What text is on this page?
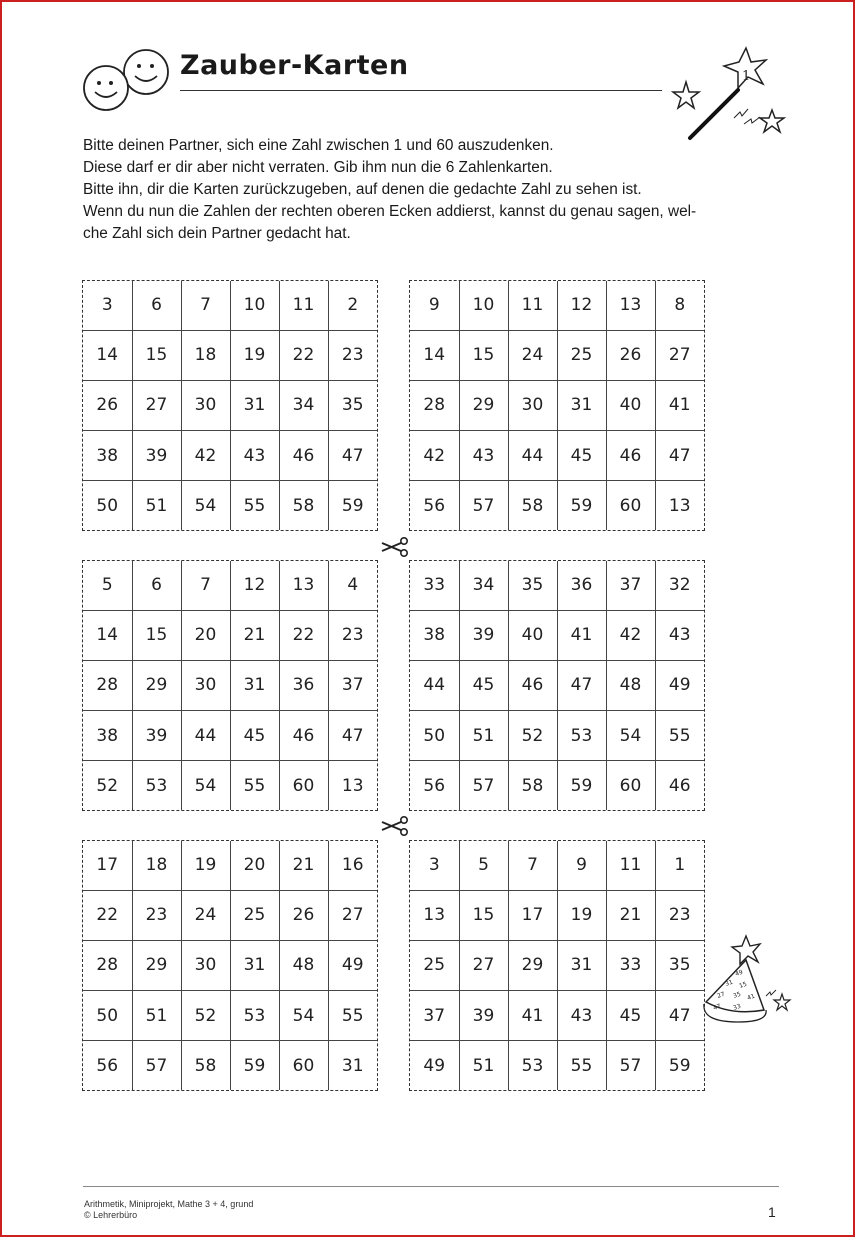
Zauber-Karten	1

Bitte deinen Partner, sich eine Zahl zwischen 1 und 60 auszudenken.

Diese darf er dir aber nicht verraten. Gib ihm nun die 6 Zahlenkarten.

Bitte ihn, dir die Karten zurückzugeben, auf denen die gedachte Zahl zu sehen ist.

Wenn du nun die Zahlen der rechten oberen Ecken addierst, kannst du genau sagen, wel-

che Zahl sich dein Partner gedacht hat.

3	6	7	10	11	2
14	15	18	19	22	23
26	27	30	31	34	35
38	39	42	43	46	47
50	51	54	55	58	59
9	10	11	12	13	8
14	15	24	25	26	27
28	29	30	31	40	41
42	43	44	45	46	47
56	57	58	59	60	13
5	6	7	12	13	4
14	15	20	21	22	23
28	29	30	31	36	37
38	39	44	45	46	47
52	53	54	55	60	13
33	34	35	36	37	32
38	39	40	41	42	43
44	45	46	47	48	49
50	51	52	53	54	55
56	57	58	59	60	46
17	18	19	20	21	16
22	23	24	25	26	27
28	29	30	31	48	49
50	51	52	53	54	55
56	57	58	59	60	31
3	5	7	9	11	1
13	15	17	19	21	23
25	27	29	31	33	35
37	39	41	43	45	47
49	51	53	55	57	59
49
31 15
27 35 41
47 33
Arithmetik, Miniprojekt, Mathe 3 + 4, grund
© Lehrerbüro	1
